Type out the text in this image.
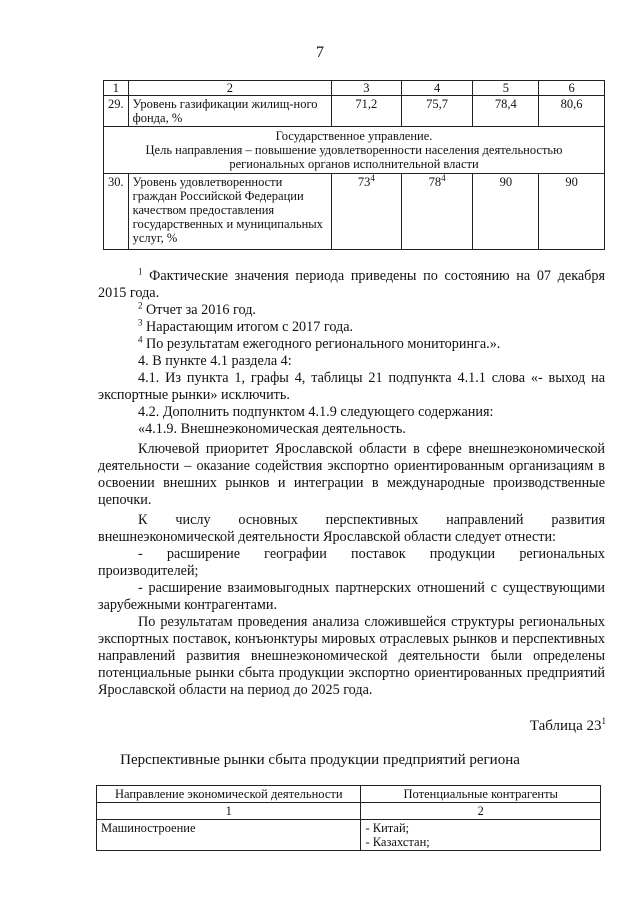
7
1	2	3	4	5	6
29.	Уровень газификации жилищ-ного фонда, %	71,2	75,7	78,4	80,6

Государственное управление.
Цель направления – повышение удовлетворенности населения деятельностью региональных органов исполнительной власти					

30.	Уровень удовлетворенности граждан Российской Федерации качеством предоставления государственных и муниципальных услуг, %	$73^4$	$78^4$	90	90
$^1$ Фактические значения периода приведены по состоянию на 07 декабря 2015 года.
$^2$ Отчет за 2016 год.
$^3$ Нарастающим итогом с 2017 года.
$^4$ По результатам ежегодного регионального мониторинга.».
4. В пункте 4.1 раздела 4:
4.1. Из пункта 1, графы 4, таблицы 21 подпункта 4.1.1 слова «- выход на экспортные рынки» исключить.
4.2. Дополнить подпунктом 4.1.9 следующего содержания:
«4.1.9. Внешнеэкономическая деятельность.
Ключевой приоритет Ярославской области в сфере внешнеэкономической деятельности – оказание содействия экспортно ориентированным организациям в освоении внешних рынков и интеграции в международные производственные цепочки.
К числу основных перспективных направлений развития внешнеэкономической деятельности Ярославской области следует отнести:
- расширение географии поставок продукции региональных производителей;
- расширение взаимовыгодных партнерских отношений с существующими зарубежными контрагентами.
По результатам проведения анализа сложившейся структуры региональных экспортных поставок, конъюнктуры мировых отраслевых рынков и перспективных направлений развития внешнеэкономической деятельности были определены потенциальные рынки сбыта продукции экспортно ориентированных предприятий Ярославской области на период до 2025 года.
Таблица $23^1$
Перспективные рынки сбыта продукции предприятий региона
Направление экономической деятельности	Потенциальные контрагенты
1	2
Машиностроение	- Китай;
- Казахстан;
